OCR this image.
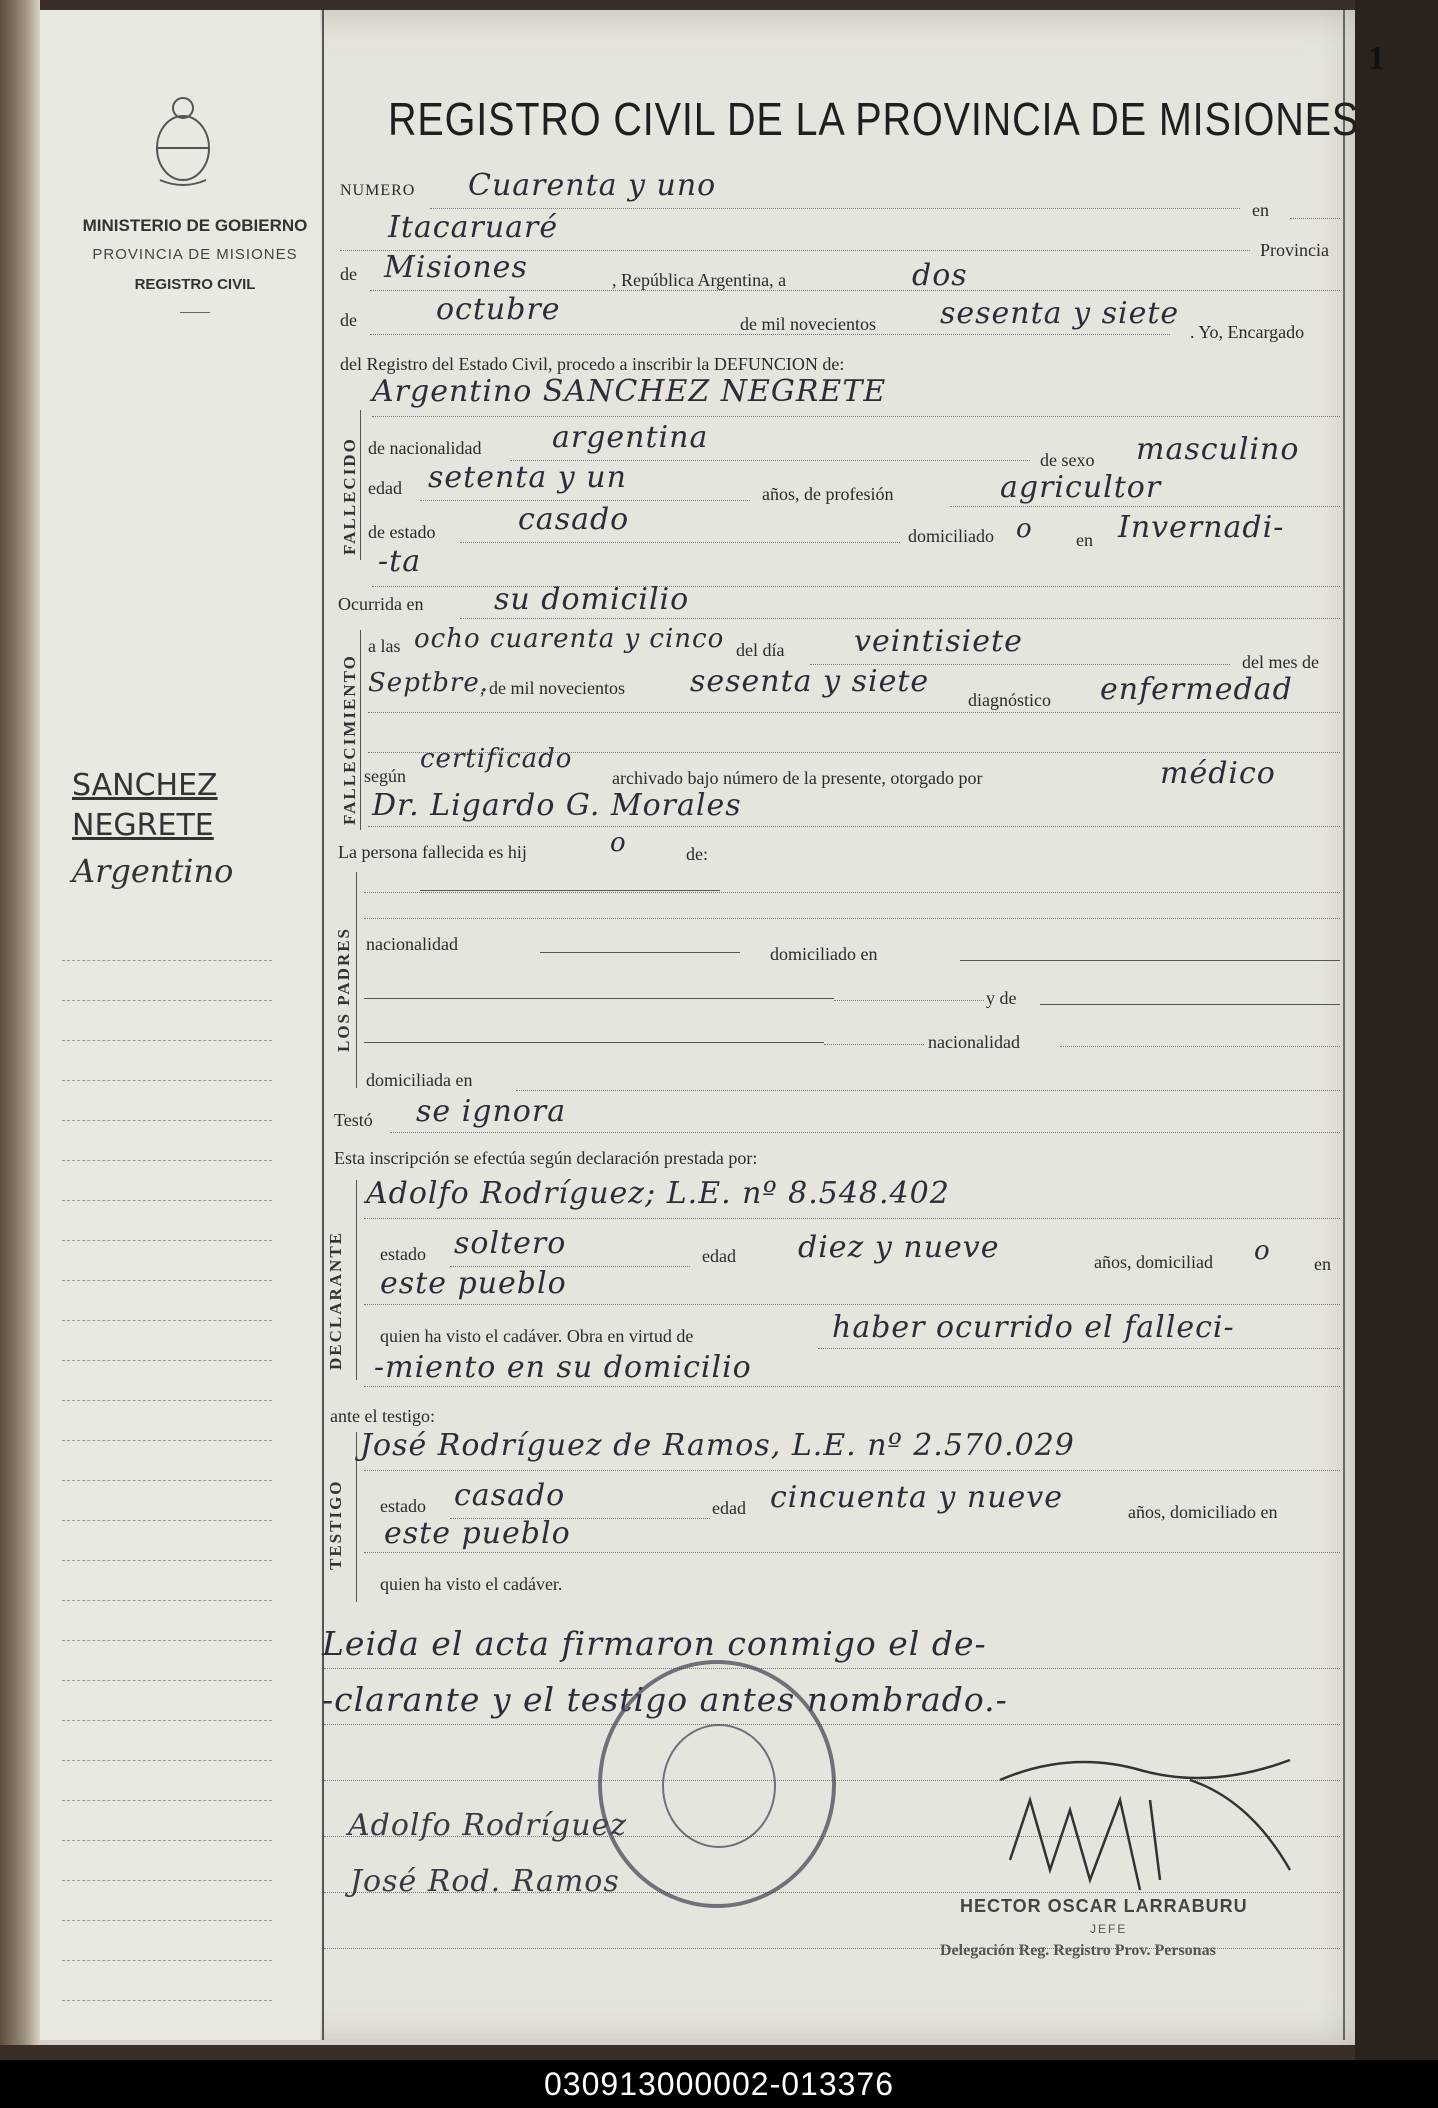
1
MINISTERIO DE GOBIERNO
PROVINCIA DE MISIONES
REGISTRO CIVIL
REGISTRO CIVIL DE LA PROVINCIA DE MISIONES
SANCHEZ
NEGRETE
Argentino
NUMERO Cuarenta y uno
en
Itacaruaré
Provincia
de Misiones	, República Argentina, a	dos
de	octubre	de mil novecientos sesenta y siete
. Yo, Encargado
del Registro del Estado Civil, procedo a inscribir la DEFUNCION de:
FALLECIDO
Argentino SANCHEZ NEGRETE
de nacionalidad argentina
de sexo masculino
edad setenta y un	años, de profesión	agricultor
de estado	casado	domiciliado o en Invernadi-
-ta
Ocurrida en su domicilio
FALLECIMIENTO
a las ocho cuarenta y cinco del día veintisiete
del mes de
Septbre.
, de mil novecientos sesenta y siete
diagnóstico enfermedad
según
certificado
archivado bajo número de la presente, otorgado por	médico
Dr. Ligardo G. Morales
La persona fallecida es hij	o	de:
LOS PADRES nacionalidad	domiciliado en
y de
nacionalidad
domiciliada en
Testó se ignora
Esta inscripción se efectúa según declaración prestada por:
DECLARANTE
Adolfo Rodríguez; L.E. nº 8.548.402
estado soltero	edad diez y nueve	años, domiciliad o en
este pueblo
quien ha visto el cadáver. Obra en virtud de	haber ocurrido el falleci-
-miento en su domicilio
ante el testigo:
TESTIGO
José Rodríguez de Ramos, L.E. nº 2.570.029
estado casado	edad cincuenta y nueve	años, domiciliado en
este pueblo
quien ha visto el cadáver.
Leida el acta firmaron conmigo el de-
-clarante y el testigo antes nombrado.-
Adolfo Rodríguez
José Rod. Ramos
HECTOR OSCAR LARRABURU
JEFE
Delegación Reg. Registro Prov. Personas
030913000002-013376
